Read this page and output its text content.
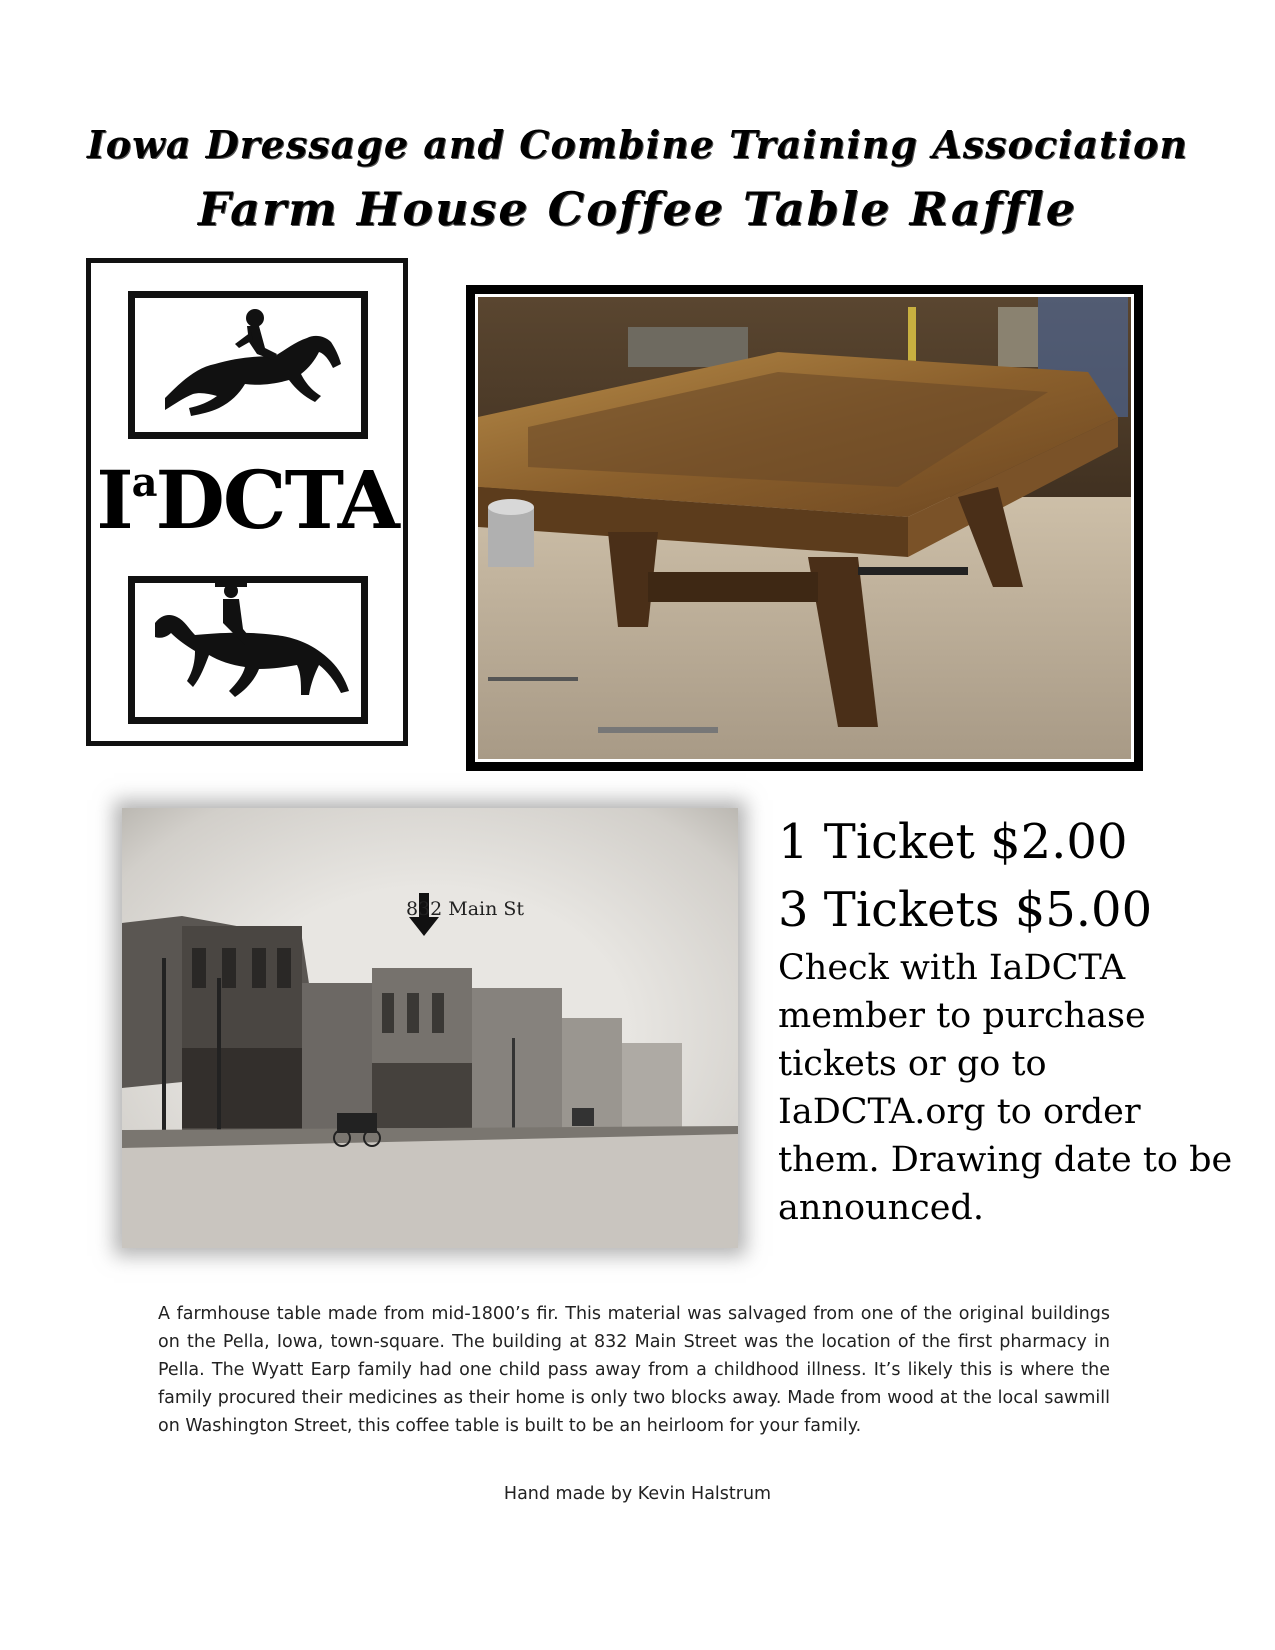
Iowa Dressage and Combine Training Association
Farm House Coffee Table Raffle
$I^aDCTA$
832 Main St
1 Ticket $2.00
3 Tickets $5.00
Check with IaDCTA member to purchase tickets or go to IaDCTA.org to order them. Drawing date to be announced.
A farmhouse table made from mid-1800’s fir. This material was salvaged from one of the original buildings on the Pella, Iowa, town-square. The building at 832 Main Street was the location of the first pharmacy in Pella. The Wyatt Earp family had one child pass away from a childhood illness. It’s likely this is where the family procured their medicines as their home is only two blocks away. Made from wood at the local sawmill on Washington Street, this coffee table is built to be an heirloom for your family.
Hand made by Kevin Halstrum
